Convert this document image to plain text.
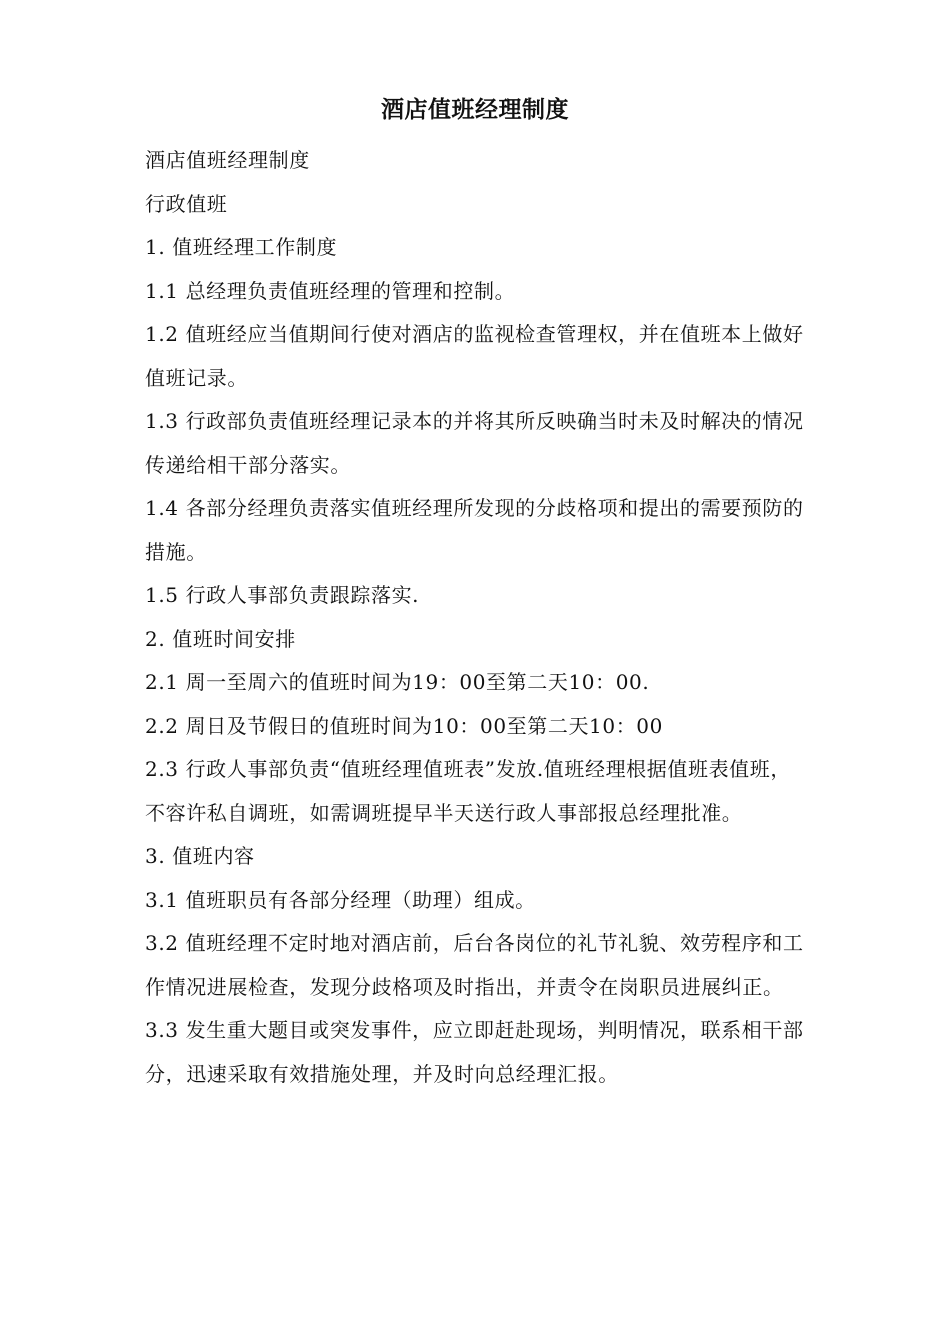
酒店值班经理制度

酒店值班经理制度

行政值班

1. 值班经理工作制度

1.1 总经理负责值班经理的管理和控制。

1.2 值班经应当值期间行使对酒店的监视检查管理权，并在值班本上做好值班记录。

1.3 行政部负责值班经理记录本的并将其所反映确当时未及时解决的情况传递给相干部分落实。

1.4 各部分经理负责落实值班经理所发现的分歧格项和提出的需要预防的措施。

1.5 行政人事部负责跟踪落实.

2. 值班时间安排

2.1 周一至周六的值班时间为19：00至第二天10：00.

2.2 周日及节假日的值班时间为10：00至第二天10：00

2.3 行政人事部负责“值班经理值班表”发放.值班经理根据值班表值班，不容许私自调班，如需调班提早半天送行政人事部报总经理批准。

3. 值班内容

3.1 值班职员有各部分经理（助理）组成。

3.2 值班经理不定时地对酒店前，后台各岗位的礼节礼貌、效劳程序和工作情况进展检查，发现分歧格项及时指出，并责令在岗职员进展纠正。

3.3 发生重大题目或突发事件，应立即赶赴现场，判明情况，联系相干部分，迅速采取有效措施处理，并及时向总经理汇报。
